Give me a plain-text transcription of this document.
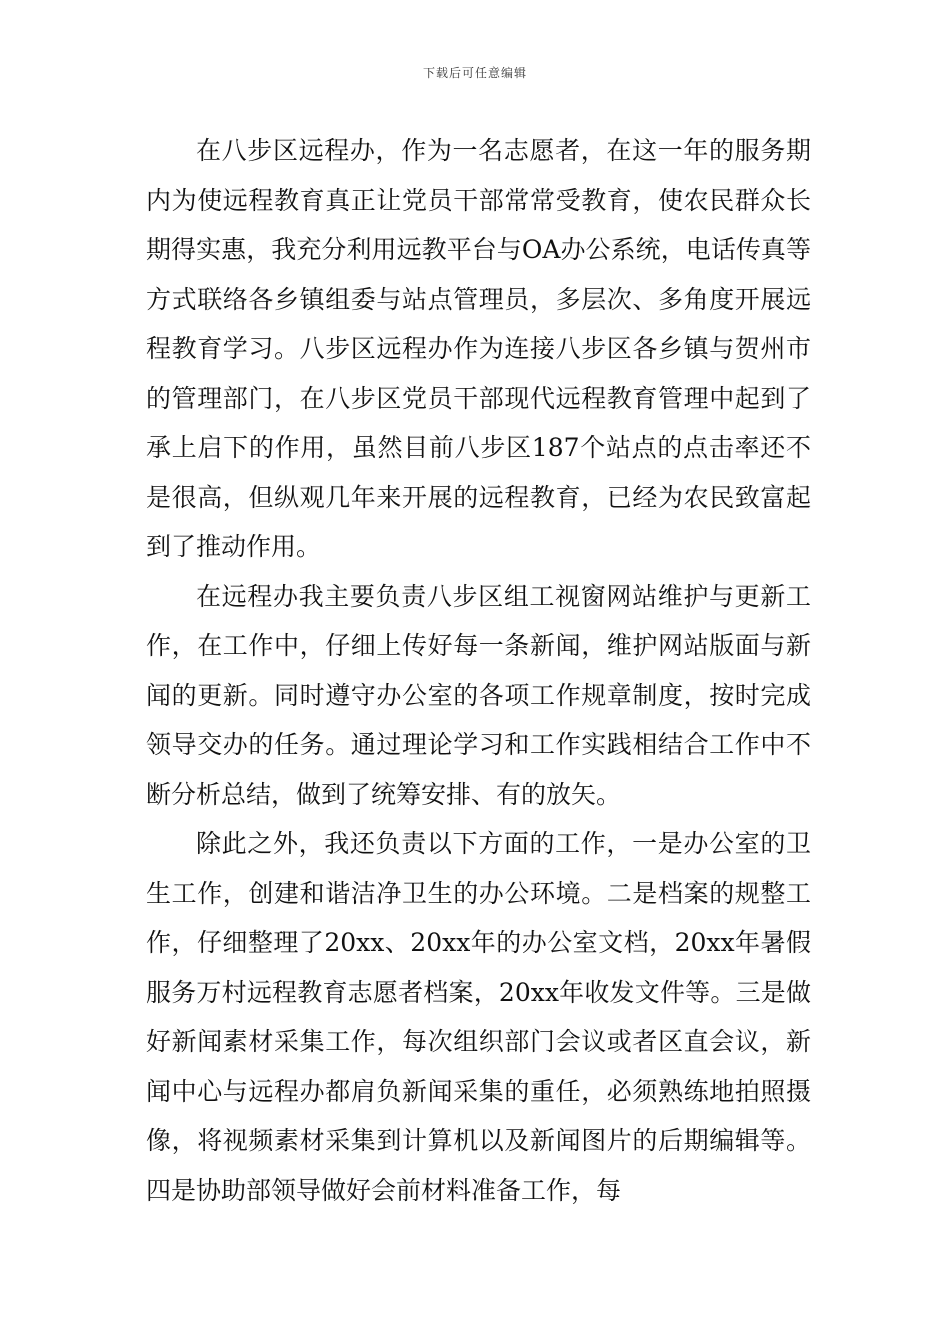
下载后可任意编辑

在八步区远程办，作为一名志愿者，在这一年的服务期内为使远程教育真正让党员干部常常受教育，使农民群众长期得实惠，我充分利用远教平台与OA办公系统，电话传真等方式联络各乡镇组委与站点管理员，多层次、多角度开展远程教育学习。八步区远程办作为连接八步区各乡镇与贺州市的管理部门，在八步区党员干部现代远程教育管理中起到了承上启下的作用，虽然目前八步区187个站点的点击率还不是很高，但纵观几年来开展的远程教育，已经为农民致富起到了推动作用。

在远程办我主要负责八步区组工视窗网站维护与更新工作，在工作中，仔细上传好每一条新闻，维护网站版面与新闻的更新。同时遵守办公室的各项工作规章制度，按时完成领导交办的任务。通过理论学习和工作实践相结合工作中不断分析总结，做到了统筹安排、有的放矢。

除此之外，我还负责以下方面的工作，一是办公室的卫生工作，创建和谐洁净卫生的办公环境。二是档案的规整工作，仔细整理了20xx、20xx年的办公室文档，20xx年暑假服务万村远程教育志愿者档案，20xx年收发文件等。三是做好新闻素材采集工作，每次组织部门会议或者区直会议，新闻中心与远程办都肩负新闻采集的重任，必须熟练地拍照摄像，将视频素材采集到计算机以及新闻图片的后期编辑等。四是协助部领导做好会前材料准备工作，每
